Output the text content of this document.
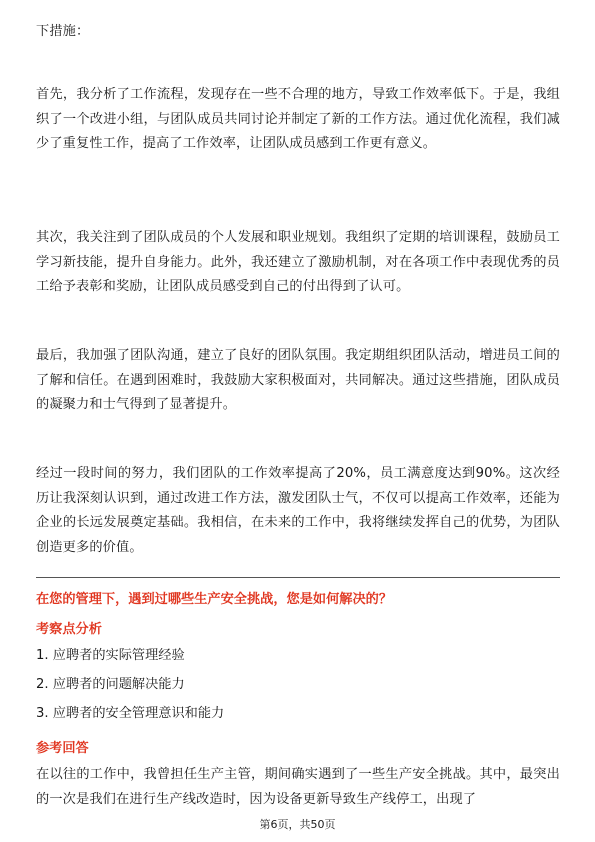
下措施：

首先，我分析了工作流程，发现存在一些不合理的地方，导致工作效率低下。于是，我组织了一个改进小组，与团队成员共同讨论并制定了新的工作方法。通过优化流程，我们减少了重复性工作，提高了工作效率，让团队成员感到工作更有意义。

其次，我关注到了团队成员的个人发展和职业规划。我组织了定期的培训课程，鼓励员工学习新技能，提升自身能力。此外，我还建立了激励机制，对在各项工作中表现优秀的员工给予表彰和奖励，让团队成员感受到自己的付出得到了认可。

最后，我加强了团队沟通，建立了良好的团队氛围。我定期组织团队活动，增进员工间的了解和信任。在遇到困难时，我鼓励大家积极面对，共同解决。通过这些措施，团队成员的凝聚力和士气得到了显著提升。

经过一段时间的努力，我们团队的工作效率提高了20%，员工满意度达到90%。这次经历让我深刻认识到，通过改进工作方法，激发团队士气，不仅可以提高工作效率，还能为企业的长远发展奠定基础。我相信，在未来的工作中，我将继续发挥自己的优势，为团队创造更多的价值。

在您的管理下，遇到过哪些生产安全挑战，您是如何解决的？
考察点分析
1. 应聘者的实际管理经验
2. 应聘者的问题解决能力
3. 应聘者的安全管理意识和能力
参考回答

在以往的工作中，我曾担任生产主管，期间确实遇到了一些生产安全挑战。其中，最突出的一次是我们在进行生产线改造时，因为设备更新导致生产线停工，出现了

第6页，共50页
